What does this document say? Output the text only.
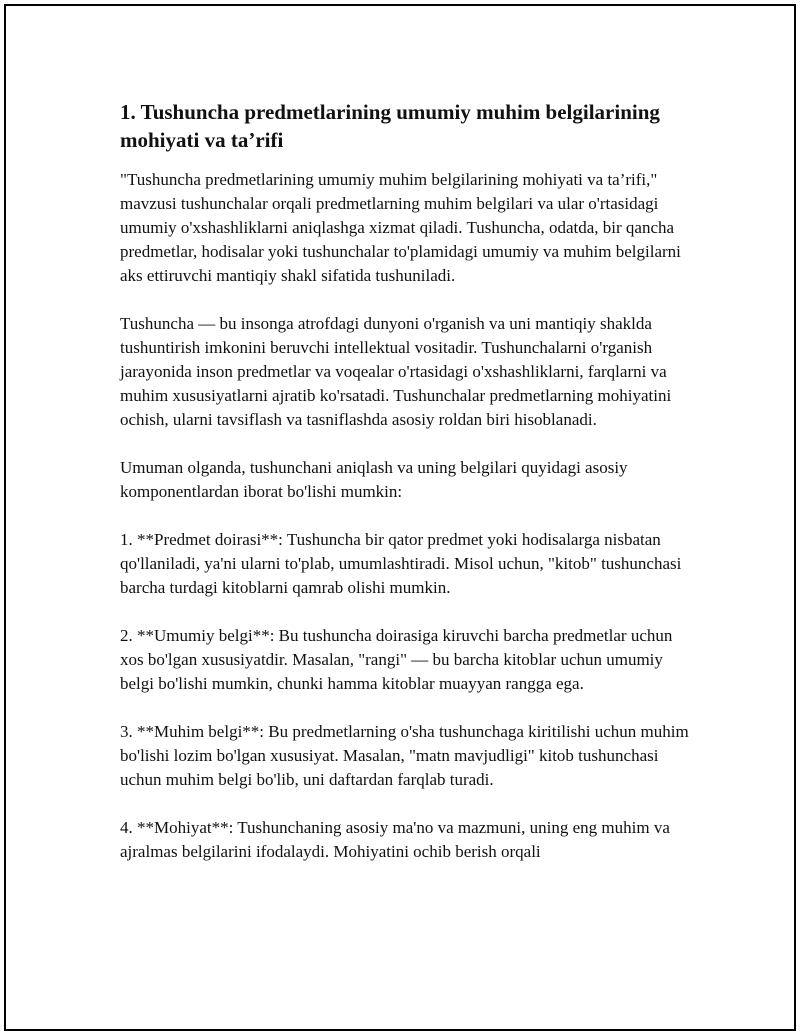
1. Tushuncha predmetlarining umumiy muhim belgilarining mohiyati va ta’rifi

"Tushuncha predmetlarining umumiy muhim belgilarining mohiyati va ta’rifi," mavzusi tushunchalar orqali predmetlarning muhim belgilari va ular o'rtasidagi umumiy o'xshashliklarni aniqlashga xizmat qiladi. Tushuncha, odatda, bir qancha predmetlar, hodisalar yoki tushunchalar to'plamidagi umumiy va muhim belgilarni aks ettiruvchi mantiqiy shakl sifatida tushuniladi.

Tushuncha — bu insonga atrofdagi dunyoni o'rganish va uni mantiqiy shaklda tushuntirish imkonini beruvchi intellektual vositadir. Tushunchalarni o'rganish jarayonida inson predmetlar va voqealar o'rtasidagi o'xshashliklarni, farqlarni va muhim xususiyatlarni ajratib ko'rsatadi. Tushunchalar predmetlarning mohiyatini ochish, ularni tavsiflash va tasniflashda asosiy roldan biri hisoblanadi.

Umuman olganda, tushunchani aniqlash va uning belgilari quyidagi asosiy komponentlardan iborat bo'lishi mumkin:

1. **Predmet doirasi**: Tushuncha bir qator predmet yoki hodisalarga nisbatan qo'llaniladi, ya'ni ularni to'plab, umumlashtiradi. Misol uchun, "kitob" tushunchasi barcha turdagi kitoblarni qamrab olishi mumkin.

2. **Umumiy belgi**: Bu tushuncha doirasiga kiruvchi barcha predmetlar uchun xos bo'lgan xususiyatdir. Masalan, "rangi" — bu barcha kitoblar uchun umumiy belgi bo'lishi mumkin, chunki hamma kitoblar muayyan rangga ega.

3. **Muhim belgi**: Bu predmetlarning o'sha tushunchaga kiritilishi uchun muhim bo'lishi lozim bo'lgan xususiyat. Masalan, "matn mavjudligi" kitob tushunchasi uchun muhim belgi bo'lib, uni daftardan farqlab turadi.

4. **Mohiyat**: Tushunchaning asosiy ma'no va mazmuni, uning eng muhim va ajralmas belgilarini ifodalaydi. Mohiyatini ochib berish orqali
